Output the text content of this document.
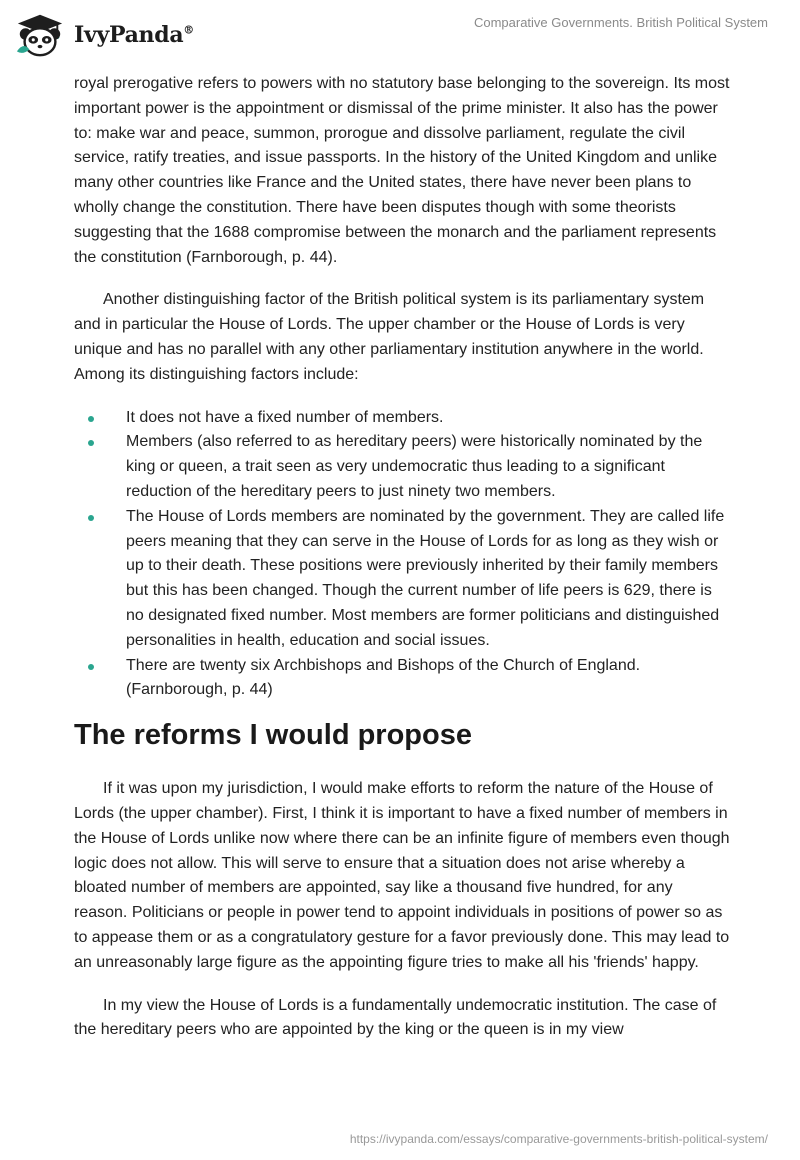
IvyPanda®
Comparative Governments. British Political System

royal prerogative refers to powers with no statutory base belonging to the sovereign. Its most important power is the appointment or dismissal of the prime minister. It also has the power to: make war and peace, summon, prorogue and dissolve parliament, regulate the civil service, ratify treaties, and issue passports. In the history of the United Kingdom and unlike many other countries like France and the United states, there have never been plans to wholly change the constitution. There have been disputes though with some theorists suggesting that the 1688 compromise between the monarch and the parliament represents the constitution (Farnborough, p. 44).

Another distinguishing factor of the British political system is its parliamentary system and in particular the House of Lords. The upper chamber or the House of Lords is very unique and has no parallel with any other parliamentary institution anywhere in the world. Among its distinguishing factors include:

It does not have a fixed number of members.
Members (also referred to as hereditary peers) were historically nominated by the king or queen, a trait seen as very undemocratic thus leading to a significant reduction of the hereditary peers to just ninety two members.
The House of Lords members are nominated by the government. They are called life peers meaning that they can serve in the House of Lords for as long as they wish or up to their death. These positions were previously inherited by their family members but this has been changed. Though the current number of life peers is 629, there is no designated fixed number. Most members are former politicians and distinguished personalities in health, education and social issues.
There are twenty six Archbishops and Bishops of the Church of England. (Farnborough, p. 44)
The reforms I would propose

If it was upon my jurisdiction, I would make efforts to reform the nature of the House of Lords (the upper chamber). First, I think it is important to have a fixed number of members in the House of Lords unlike now where there can be an infinite figure of members even though logic does not allow. This will serve to ensure that a situation does not arise whereby a bloated number of members are appointed, say like a thousand five hundred, for any reason. Politicians or people in power tend to appoint individuals in positions of power so as to appease them or as a congratulatory gesture for a favor previously done. This may lead to an unreasonably large figure as the appointing figure tries to make all his 'friends' happy.

In my view the House of Lords is a fundamentally undemocratic institution. The case of the hereditary peers who are appointed by the king or the queen is in my view

https://ivypanda.com/essays/comparative-governments-british-political-system/
